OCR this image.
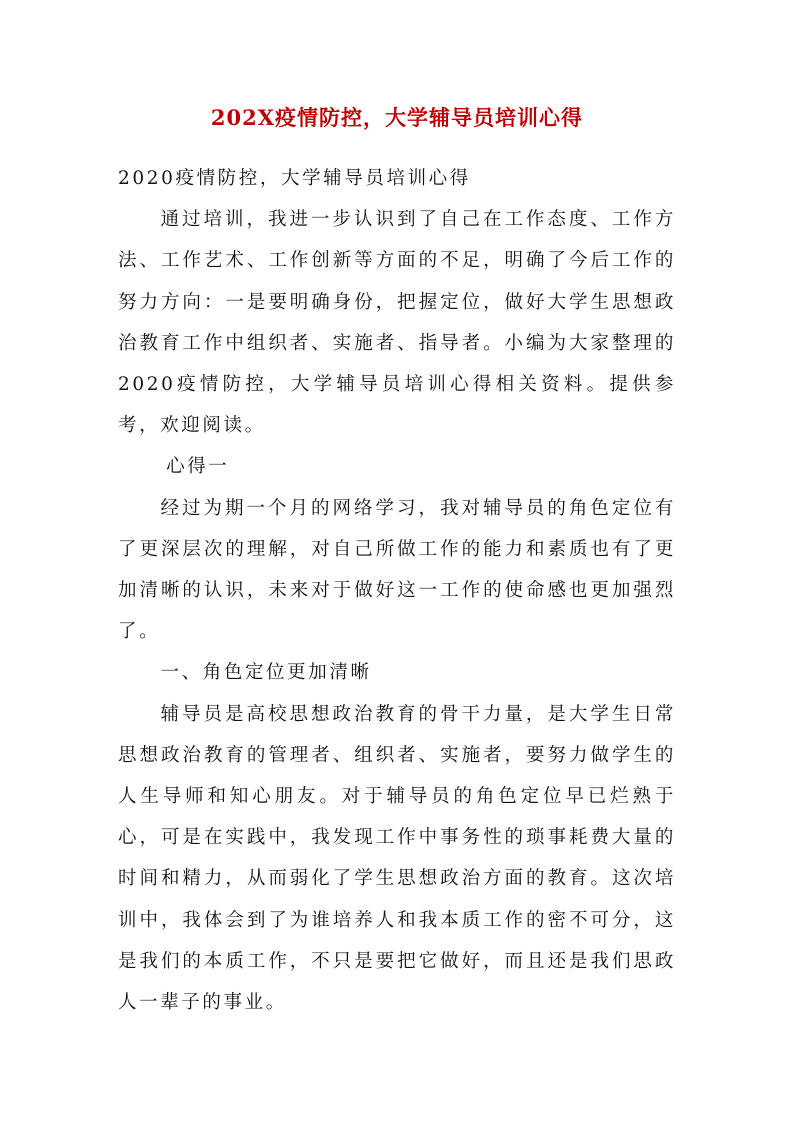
202X疫情防控，大学辅导员培训心得

2020疫情防控，大学辅导员培训心得

通过培训，我进一步认识到了自己在工作态度、工作方法、工作艺术、工作创新等方面的不足，明确了今后工作的努力方向：一是要明确身份，把握定位，做好大学生思想政治教育工作中组织者、实施者、指导者。小编为大家整理的2020疫情防控，大学辅导员培训心得相关资料。提供参考，欢迎阅读。

心得一

经过为期一个月的网络学习，我对辅导员的角色定位有了更深层次的理解，对自己所做工作的能力和素质也有了更加清晰的认识，未来对于做好这一工作的使命感也更加强烈了。

一、角色定位更加清晰

辅导员是高校思想政治教育的骨干力量，是大学生日常思想政治教育的管理者、组织者、实施者，要努力做学生的人生导师和知心朋友。对于辅导员的角色定位早已烂熟于心，可是在实践中，我发现工作中事务性的琐事耗费大量的时间和精力，从而弱化了学生思想政治方面的教育。这次培训中，我体会到了为谁培养人和我本质工作的密不可分，这是我们的本质工作，不只是要把它做好，而且还是我们思政人一辈子的事业。
